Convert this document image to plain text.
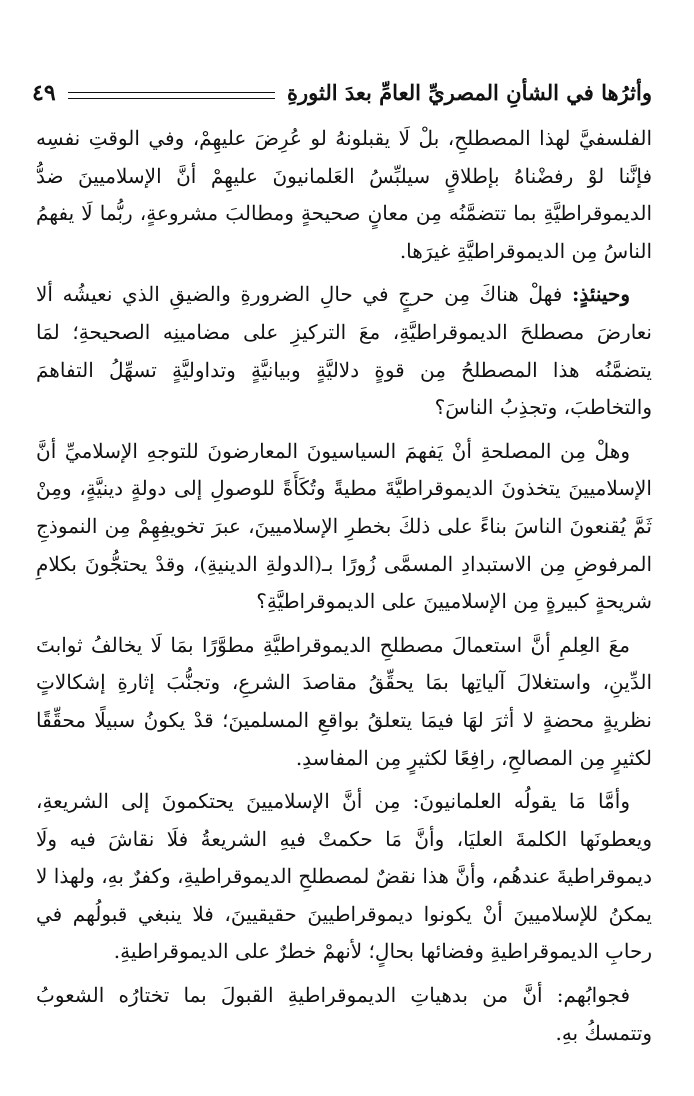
وأثرُها في الشأنِ المصريِّ العامِّ بعدَ الثورةِ
٤٩

الفلسفيَّ لهذا المصطلحِ، بلْ لَا يقبلونهُ لو عُرِضَ عليهِمْ، وفي الوقتِ نفسِه فإنَّنا لوْ رفضْناهُ بإطلاقٍ سيلبِّسُ العَلمانيونَ عليهِمْ أنَّ الإسلاميينَ ضدُّ الديموقراطيَّةِ بما تتضمَّنُه مِن معانٍ صحيحةٍ ومطالبَ مشروعةٍ، ربُّما لَا يفهمُ الناسُ مِن الديموقراطيَّةِ غيرَها.

وحينئذٍ: فهلْ هناكَ مِن حرجٍ في حالِ الضرورةِ والضيقِ الذي نعيشُه ألا نعارضَ مصطلحَ الديموقراطيَّةِ، معَ التركيزِ على مضامينِه الصحيحةِ؛ لمَا يتضمَّنُه هذا المصطلحُ مِن قوةٍ دلاليَّةٍ وبيانيَّةٍ وتداوليَّةٍ تسهِّلُ التفاهمَ والتخاطبَ، وتجذِبُ الناسَ؟

وهلْ مِن المصلحةِ أنْ يَفهمَ السياسيونَ المعارضونَ للتوجهِ الإسلاميِّ أنَّ الإسلاميينَ يتخذونَ الديموقراطيَّةَ مطيةً وتُكَأَةً للوصولِ إلى دولةٍ دينيَّةٍ، ومِنْ ثَمَّ يُقنعونَ الناسَ بناءً على ذلكَ بخطرِ الإسلاميينَ، عبرَ تخويفِهِمْ مِن النموذجِ المرفوضِ مِن الاستبدادِ المسمَّى زُورًا بـ(الدولةِ الدينيةِ)، وقدْ يحتجُّونَ بكلامِ شريحةٍ كبيرةٍ مِن الإسلاميينَ على الديموقراطيَّةِ؟

معَ العِلمِ أنَّ استعمالَ مصطلحِ الديموقراطيَّةِ مطوَّرًا بمَا لَا يخالفُ ثوابتَ الدِّينِ، واستغلالَ آلياتِها بمَا يحقِّقُ مقاصدَ الشرعِ، وتجنُّبَ إثارةِ إشكالاتٍ نظريةٍ محضةٍ لا أثرَ لهَا فيمَا يتعلقُ بواقعِ المسلمينَ؛ قدْ يكونُ سبيلًا محقِّقًا لكثيرٍ مِن المصالحِ، رافِعًا لكثيرٍ مِن المفاسدِ.

وأمَّا مَا يقولُه العلمانيونَ: مِن أنَّ الإسلاميينَ يحتكمونَ إلى الشريعةِ، ويعطونَها الكلمةَ العليَا، وأنَّ مَا حكمتْ فيهِ الشريعةُ فلَا نقاشَ فيه ولَا ديموقراطيةَ عندهُم، وأنَّ هذا نقضٌ لمصطلحِ الديموقراطيةِ، وكفرٌ بهِ، ولهذا لا يمكنُ للإسلاميينَ أنْ يكونوا ديموقراطيينَ حقيقيينَ، فلا ينبغي قبولُهم في رحابِ الديموقراطيةِ وفضائها بحالٍ؛ لأنهمْ خطرٌ على الديموقراطيةِ.

فجوابُهم: أنَّ من بدهياتِ الديموقراطيةِ القبولَ بما تختارُه الشعوبُ وتتمسكُ بهِ.
